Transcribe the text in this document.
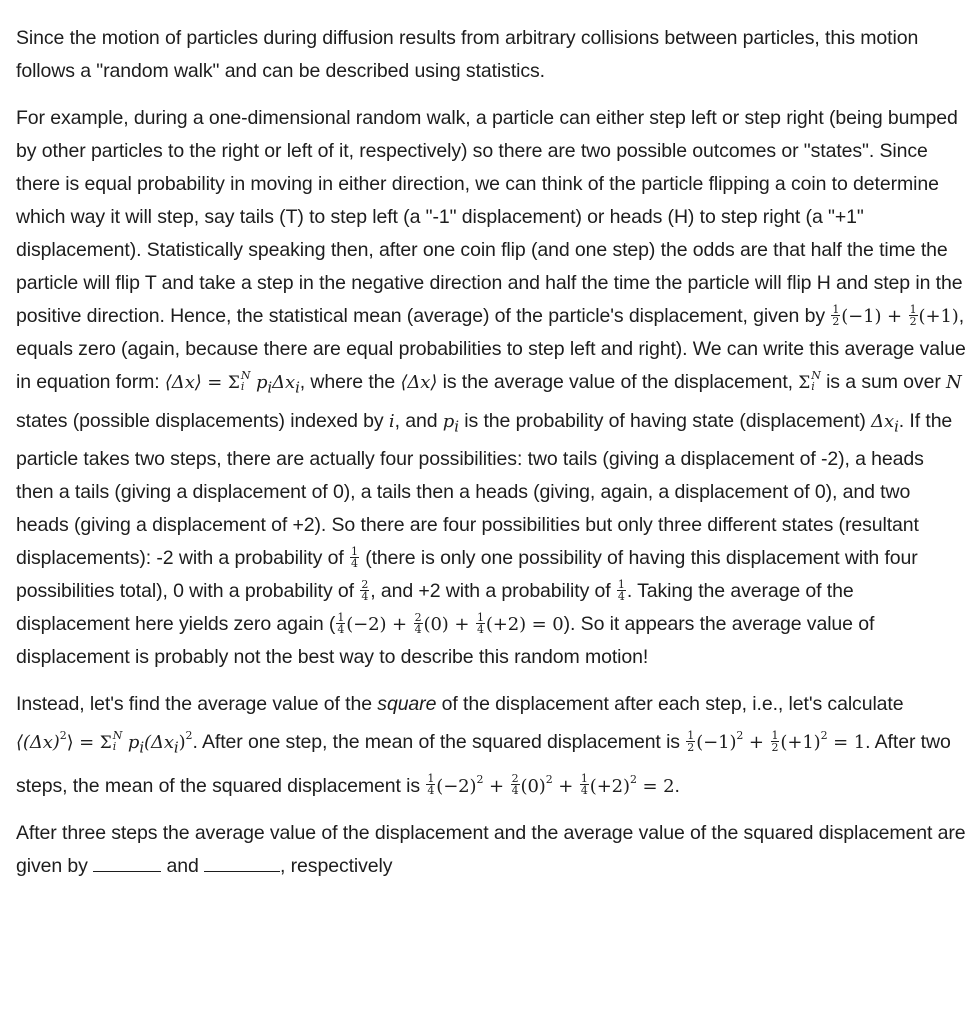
Since the motion of particles during diffusion results from arbitrary collisions between particles, this motion follows a "random walk" and can be described using statistics.

For example, during a one-dimensional random walk, a particle can either step left or step right (being bumped by other particles to the right or left of it, respectively) so there are two possible outcomes or "states". Since there is equal probability in moving in either direction, we can think of the particle flipping a coin to determine which way it will step, say tails (T) to step left (a "-1" displacement) or heads (H) to step right (a "+1" displacement). Statistically speaking then, after one coin flip (and one step) the odds are that half the time the particle will flip T and take a step in the negative direction and half the time the particle will flip H and step in the positive direction. Hence, the statistical mean (average) of the particle's displacement, given by $\frac{1}{2} (-1) + \frac{1}{2} (+1)$, equals zero (again, because there are equal probabilities to step left and right). We can write this average value in equation form: ⟨Δx⟩ = Σ N
i $p_i\Delta x_i$, where the ⟨Δx⟩ is the average value of the displacement, Σ N
i is a sum over N states (possible displacements) indexed by i, and $p_i$ is the probability of having state (displacement) $\Delta x_i$. If the particle takes two steps, there are actually four possibilities: two tails (giving a displacement of -2), a heads then a tails (giving a displacement of 0), a tails then a heads (giving, again, a displacement of 0), and two heads (giving a displacement of +2). So there are four possibilities but only three different states (resultant displacements): -2 with a probability of $\frac{1}{4}$ (there is only one possibility of having this displacement with four possibilities total), 0 with a probability of $\frac{2}{4}$ , and +2 with a probability of $\frac{1}{4}$ . Taking the average of the displacement here yields zero again ( $\frac{1}{4} (-2) + \frac{2}{4} (0) + \frac{1}{4} (+2) = 0$). So it appears the average value of displacement is probably not the best way to describe this random motion!

Instead, let's find the average value of the square of the displacement after each step, i.e., let's calculate $⟨(\Delta x)^2⟩ = \Sigma$ N
i $p_i(\Delta x_i)^2$. After one step, the mean of the squared displacement is $\frac{1}{2} (-1)^2 + \frac{1}{2} (+1)^2 = 1$. After two steps, the mean of the squared displacement is $\frac{1}{4} (-2)^2 + \frac{2}{4} (0)^2 + \frac{1}{4} (+2)^2 = 2$.

After three steps the average value of the displacement and the average value of the squared displacement are given by	and	, respectively
